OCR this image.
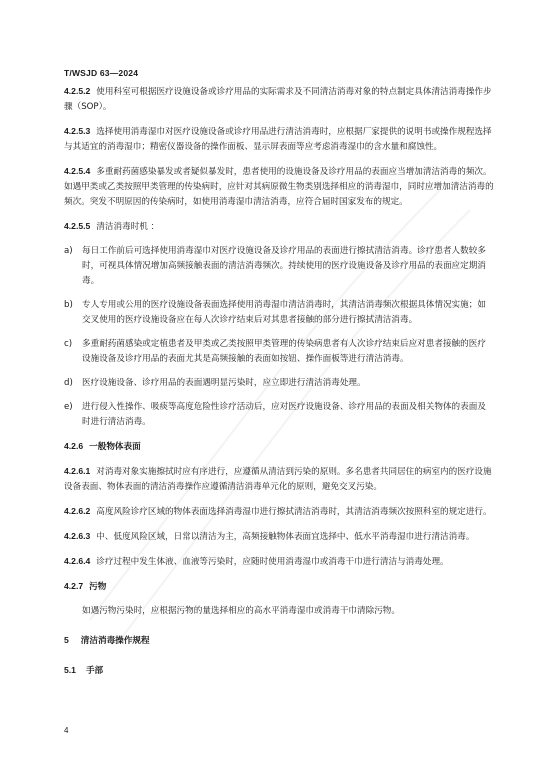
T/WSJD 63—2024

4.2.5.2 使用科室可根据医疗设施设备或诊疗用品的实际需求及不同清洁消毒对象的特点制定具体清洁消毒操作步骤（SOP）。

4.2.5.3 选择使用消毒湿巾对医疗设施设备或诊疗用品进行清洁消毒时，应根据厂家提供的说明书或操作规程选择与其适宜的消毒湿巾；精密仪器设备的操作面板、显示屏表面等应考虑消毒湿巾的含水量和腐蚀性。

4.2.5.4 多重耐药菌感染暴发或者疑似暴发时，患者使用的设施设备及诊疗用品的表面应当增加清洁消毒的频次。如遇甲类或乙类按照甲类管理的传染病时，应针对其病原微生物类别选择相应的消毒湿巾，同时应增加清洁消毒的频次。突发不明原因的传染病时，如使用消毒湿巾清洁消毒，应符合届时国家发布的规定。

4.2.5.5 清洁消毒时机 ：

a) 每日工作前后可选择使用消毒湿巾对医疗设施设备及诊疗用品的表面进行擦拭清洁消毒。诊疗患者人数较多时，可视具体情况增加高频接触表面的清洁消毒频次。持续使用的医疗设施设备及诊疗用品的表面应定期消毒。

b) 专人专用或公用的医疗设施设备表面选择使用消毒湿巾清洁消毒时，其清洁消毒频次根据具体情况实施；如交叉使用的医疗设施设备应在每人次诊疗结束后对其患者接触的部分进行擦拭清洁消毒。

c) 多重耐药菌感染或定植患者及甲类或乙类按照甲类管理的传染病患者有人次诊疗结束后应对患者接触的医疗设施设备及诊疗用品的表面尤其是高频接触的表面如按钮、操作面板等进行清洁消毒。

d) 医疗设施设备、诊疗用品的表面遇明显污染时，应立即进行清洁消毒处理。

e) 进行侵入性操作、吸痰等高度危险性诊疗活动后，应对医疗设施设备、诊疗用品的表面及相关物体的表面及时进行清洁消毒。

4.2.6 一般物体表面

4.2.6.1 对消毒对象实施擦拭时应有序进行，应遵循从清洁到污染的原则。多名患者共同居住的病室内的医疗设施设备表面、物体表面的清洁消毒操作应遵循清洁消毒单元化的原则，避免交叉污染。

4.2.6.2 高度风险诊疗区域的物体表面选择消毒湿巾进行擦拭清洁消毒时，其清洁消毒频次按照科室的规定进行。

4.2.6.3 中、低度风险区域，日常以清洁为主，高频接触物体表面宜选择中、低水平消毒湿巾进行清洁消毒。

4.2.6.4 诊疗过程中发生体液、血液等污染时，应随时使用消毒湿巾或消毒干巾进行清洁与消毒处理。

4.2.7 污物

如遇污物污染时，应根据污物的量选择相应的高水平消毒湿巾或消毒干巾清除污物。

5 清洁消毒操作规程

5.1 手部

4
